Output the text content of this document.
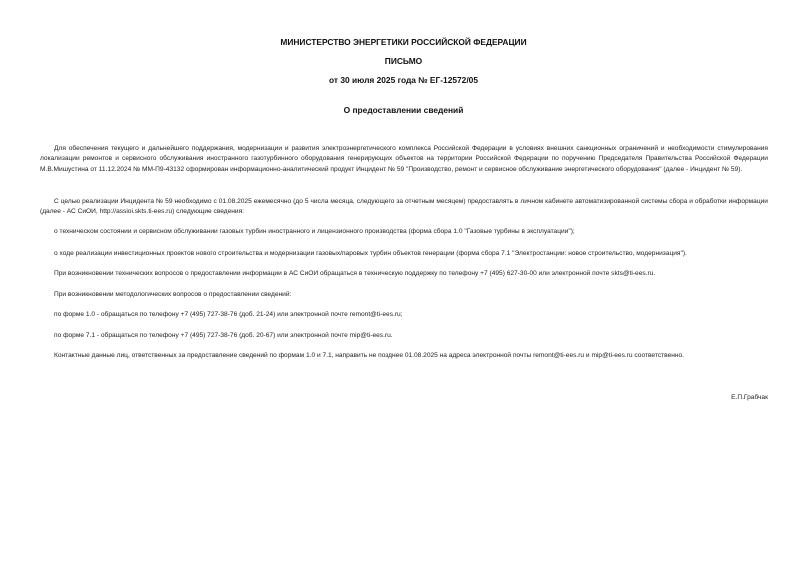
МИНИСТЕРСТВО ЭНЕРГЕТИКИ РОССИЙСКОЙ ФЕДЕРАЦИИ
ПИСЬМО
от 30 июля 2025 года № ЕГ-12572/05
О предоставлении сведений
Для обеспечения текущего и дальнейшего поддержания, модернизации и развития электроэнергетического комплекса Российской Федерации в условиях внешних санкционных ограничений и необходимости стимулирования локализации ремонтов и сервисного обслуживания иностранного газотурбинного оборудования генерирующих объектов на территории Российской Федерации по поручению Председателя Правительства Российской Федерации М.В.Мишустина от 11.12.2024 № ММ-П9-43132 сформирован информационно-аналитический продукт Инцидент № 59 "Производство, ремонт и сервисное обслуживание энергетического оборудования" (далее - Инцидент № 59).
С целью реализации Инцидента № 59 необходимо с 01.08.2025 ежемесячно (до 5 числа месяца, следующего за отчетным месяцем) предоставлять в личном кабинете автоматизированной системы сбора и обработки информации (далее - АС СиОИ, http://assioi.skts.ti-ees.ru) следующие сведения:
о техническом состоянии и сервисном обслуживании газовых турбин иностранного и лицензионного производства (форма сбора 1.0 "Газовые турбины в эксплуатации");
о ходе реализации инвестиционных проектов нового строительства и модернизации газовых/паровых турбин объектов генерации (форма сбора 7.1 "Электростанции: новое строительство, модернизация").
При возникновении технических вопросов о предоставлении информации в АС СиОИ обращаться в техническую поддержку по телефону +7 (495) 627-30-00 или электронной почте skts@ti-ees.ru.
При возникновении методологических вопросов о предоставлении сведений:
по форме 1.0 - обращаться по телефону +7 (495) 727-38-76 (доб. 21-24) или электронной почте remont@ti-ees.ru;
по форме 7.1 - обращаться по телефону +7 (495) 727-38-76 (доб. 20-67) или электронной почте mip@ti-ees.ru.
Контактные данные лиц, ответственных за предоставление сведений по формам 1.0 и 7.1, направить не позднее 01.08.2025 на адреса электронной почты remont@ti-ees.ru и mip@ti-ees.ru соответственно.
Е.П.Грабчак
